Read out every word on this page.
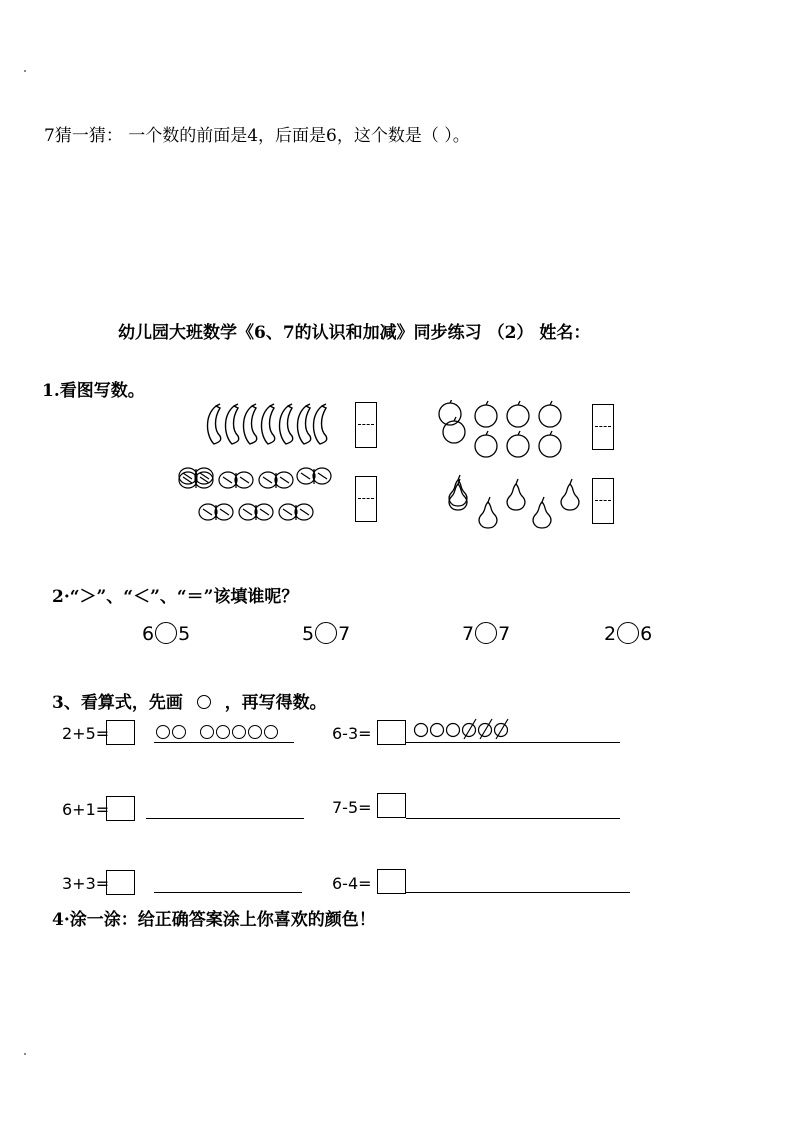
7猜一猜： 一个数的前面是4，后面是6，这个数是（ ）。
幼儿园大班数学《6、7的认识和加减》同步练习 （2） 姓名：
1.看图写数。
2·“＞”、“＜”、“＝”该填谁呢？
6 5	5 7	7 7	2 6
3、看算式，先画 ，再写得数。
2+5=	6-3=
6+1=	7-5=
3+3=	6-4=
4·涂一涂：给正确答案涂上你喜欢的颜色！
